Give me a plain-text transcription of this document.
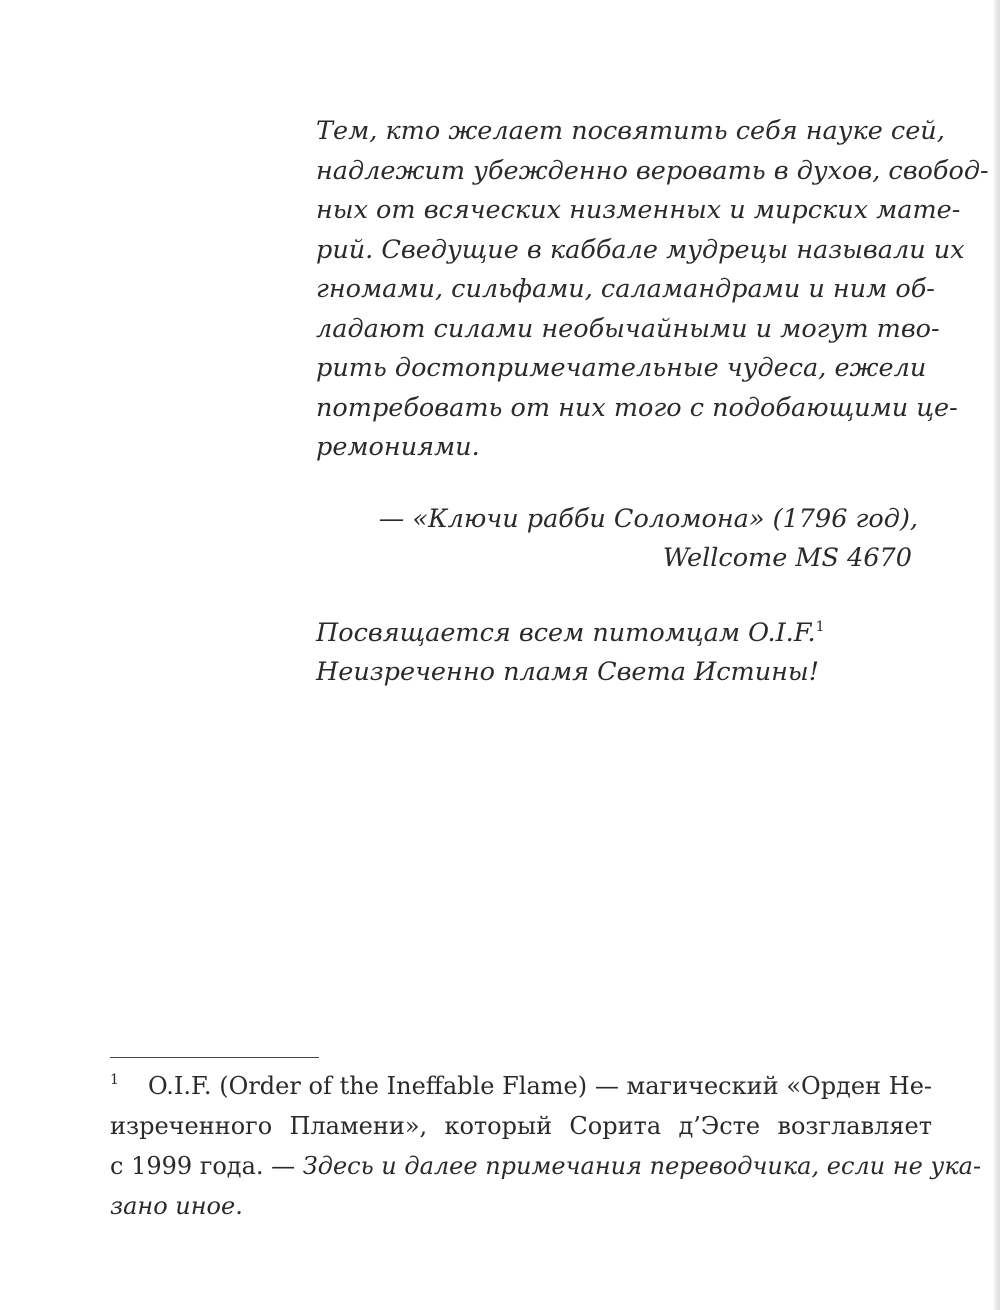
Тем, кто желает посвятить себя науке сей,
надлежит убежденно веровать в духов, свобод-
ных от всяческих низменных и мирских мате-
рий. Сведущие в каббале мудрецы называли их
гномами, сильфами, саламандрами и ним об-
ладают силами необычайными и могут тво-
рить достопримечательные чудеса, ежели
потребовать от них того с подобающими це-
ремониями.
— «Ключи рабби Соломона» (1796 год),
Wellcome MS 4670
Посвящается всем питомцам O.I.F.$^1$
Неизреченно пламя Света Истины!
1 O.I.F. (Order of the Ineffable Flame) — магический «Орден Не-
изреченного Пламени», который Сорита д’Эсте возглавляет
с 1999 года. — Здесь и далее примечания переводчика, если не ука-
зано иное.
